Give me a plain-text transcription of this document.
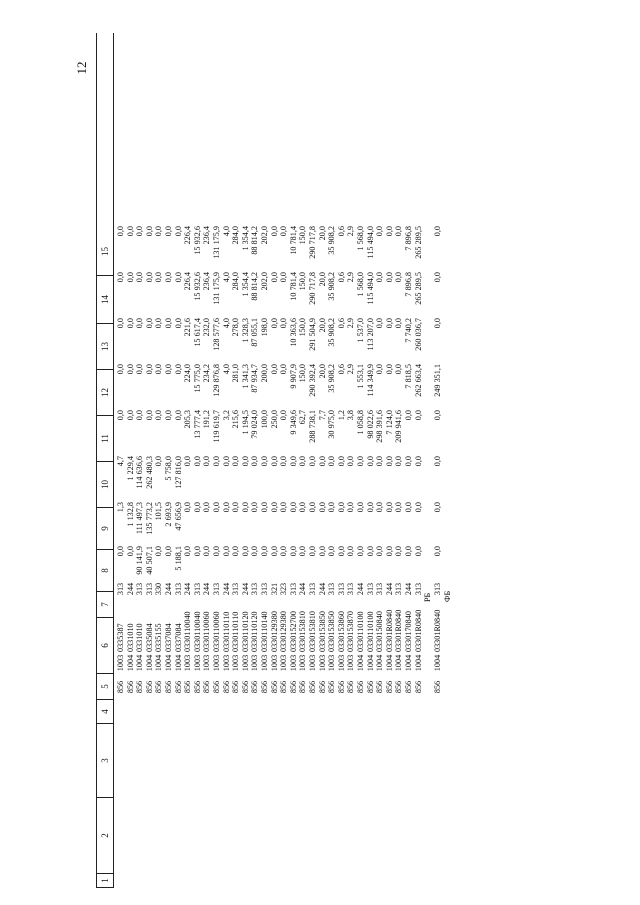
12
1
2
3
4
5
6
7
8
9
10
11
12
13
14
15
856
1003
0335387
313
0,0
1,3
4,7
0,0
0,0
0,0
0,0
0,0
856
1004
0331010
244
0,0
1 132,8
1 229,4
0,0
0,0
0,0
0,0
0,0
856
1004
0331010
313
90 141,9
111 497,3
114 636,6
0,0
0,0
0,0
0,0
0,0
856
1004
0335084
313
40 507,1
135 773,2
262 480,3
0,0
0,0
0,0
0,0
0,0
856
1004
0335155
330
0,0
101,5
0,0
0,0
0,0
0,0
0,0
0,0
856
1004
0337084
244
0,0
2 693,9
5 758,0
0,0
0,0
0,0
0,0
0,0
856
1004
0337084
313
5 188,1
47 656,9
127 816,0
0,0
0,0
0,0
0,0
0,0
856
1003
0330110040
244
0,0
0,0
0,0
205,3
224,0
221,6
226,4
226,4
856
1003
0330110040
313
0,0
0,0
0,0
13 777,4
15 775,0
15 617,4
15 932,6
15 932,6
856
1003
0330110060
244
0,0
0,0
0,0
191,2
234,2
232,0
236,4
236,4
856
1003
0330110060
313
0,0
0,0
0,0
119 619,7
129 876,8
128 577,6
131 175,9
131 175,9
856
1003
0330110110
244
0,0
0,0
0,0
3,2
4,0
4,0
4,0
4,0
856
1003
0330110110
313
0,0
0,0
0,0
215,6
281,0
278,0
284,0
284,0
856
1003
0330110120
244
0,0
0,0
0,0
1 194,5
1 341,3
1 328,3
1 354,4
1 354,4
856
1003
0330110120
313
0,0
0,0
0,0
79 024,0
87 934,7
87 055,1
88 814,2
88 814,2
856
1003
0330110140
313
0,0
0,0
0,0
100,0
200,0
198,0
202,0
202,0
856
1003
0330129380
321
0,0
0,0
0,0
250,0
0,0
0,0
0,0
0,0
856
1003
0330129380
323
0,0
0,0
0,0
0,0
0,0
0,0
0,0
0,0
856
1003
0330152700
313
0,0
0,0
0,0
9 349,6
9 907,9
10 363,6
10 781,4
10 781,4
856
1003
0330153810
244
0,0
0,0
0,0
62,7
150,0
150,0
150,0
150,0
856
1003
0330153810
313
0,0
0,0
0,0
288 738,1
290 392,4
291 504,9
290 717,8
290 717,8
856
1003
0330153850
244
0,0
0,0
0,0
7,7
20,0
20,0
20,0
20,0
856
1003
0330153850
313
0,0
0,0
0,0
30 975,0
35 908,2
35 908,2
35 908,2
35 908,2
856
1003
0330153860
313
0,0
0,0
0,0
1,2
0,6
0,6
0,6
0,6
856
1003
0330153870
313
0,0
0,0
0,0
3,8
2,9
2,9
2,9
2,9
856
1004
0330110100
244
0,0
0,0
0,0
1 058,8
1 553,1
1 537,0
1 568,0
1 568,0
856
1004
0330110100
313
0,0
0,0
0,0
98 022,6
114 349,9
113 207,0
115 494,0
115 494,0
856
1004
0330150840
313
0,0
0,0
0,0
298 391,6
0,0
0,0
0,0
0,0
856
1004
03301R0840
244
0,0
0,0
0,0
7 124,0
0,0
0,0
0,0
0,0
856
1004
03301R0840
313
0,0
0,0
0,0
209 941,6
0,0
0,0
0,0
0,0
856
1004
0330170840
244
0,0
0,0
0,0
0,0
7 818,5
7 740,2
7 896,8
7 896,8
856
1004
03301R0840
313
0,0
0,0
0,0
0,0
262 663,4
260 036,7
265 289,5
265 289,5
РБ
856
1004
03301R0840
313
0,0
0,0
0,0
0,0
249 351,1
0,0
0,0
0,0
ФБ
